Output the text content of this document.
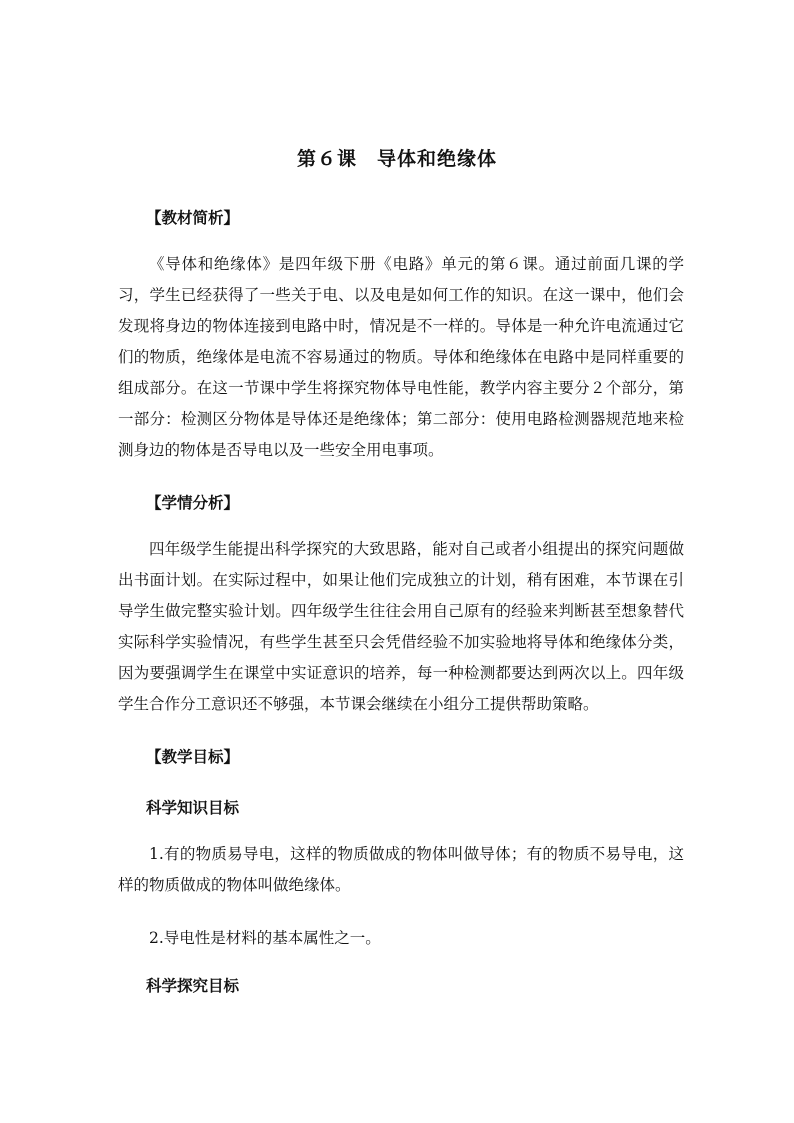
第６课　导体和绝缘体
【教材简析】

《导体和绝缘体》是四年级下册《电路》单元的第６课。通过前面几课的学习，学生已经获得了一些关于电、以及电是如何工作的知识。在这一课中，他们会发现将身边的物体连接到电路中时，情况是不一样的。导体是一种允许电流通过它们的物质，绝缘体是电流不容易通过的物质。导体和绝缘体在电路中是同样重要的组成部分。在这一节课中学生将探究物体导电性能，教学内容主要分２个部分，第一部分：检测区分物体是导体还是绝缘体；第二部分：使用电路检测器规范地来检测身边的物体是否导电以及一些安全用电事项。

【学情分析】

四年级学生能提出科学探究的大致思路，能对自己或者小组提出的探究问题做出书面计划。在实际过程中，如果让他们完成独立的计划，稍有困难，本节课在引导学生做完整实验计划。四年级学生往往会用自己原有的经验来判断甚至想象替代实际科学实验情况，有些学生甚至只会凭借经验不加实验地将导体和绝缘体分类，因为要强调学生在课堂中实证意识的培养，每一种检测都要达到两次以上。四年级学生合作分工意识还不够强，本节课会继续在小组分工提供帮助策略。

【教学目标】
科学知识目标

1.有的物质易导电，这样的物质做成的物体叫做导体；有的物质不易导电，这样的物质做成的物体叫做绝缘体。

2.导电性是材料的基本属性之一。

科学探究目标
